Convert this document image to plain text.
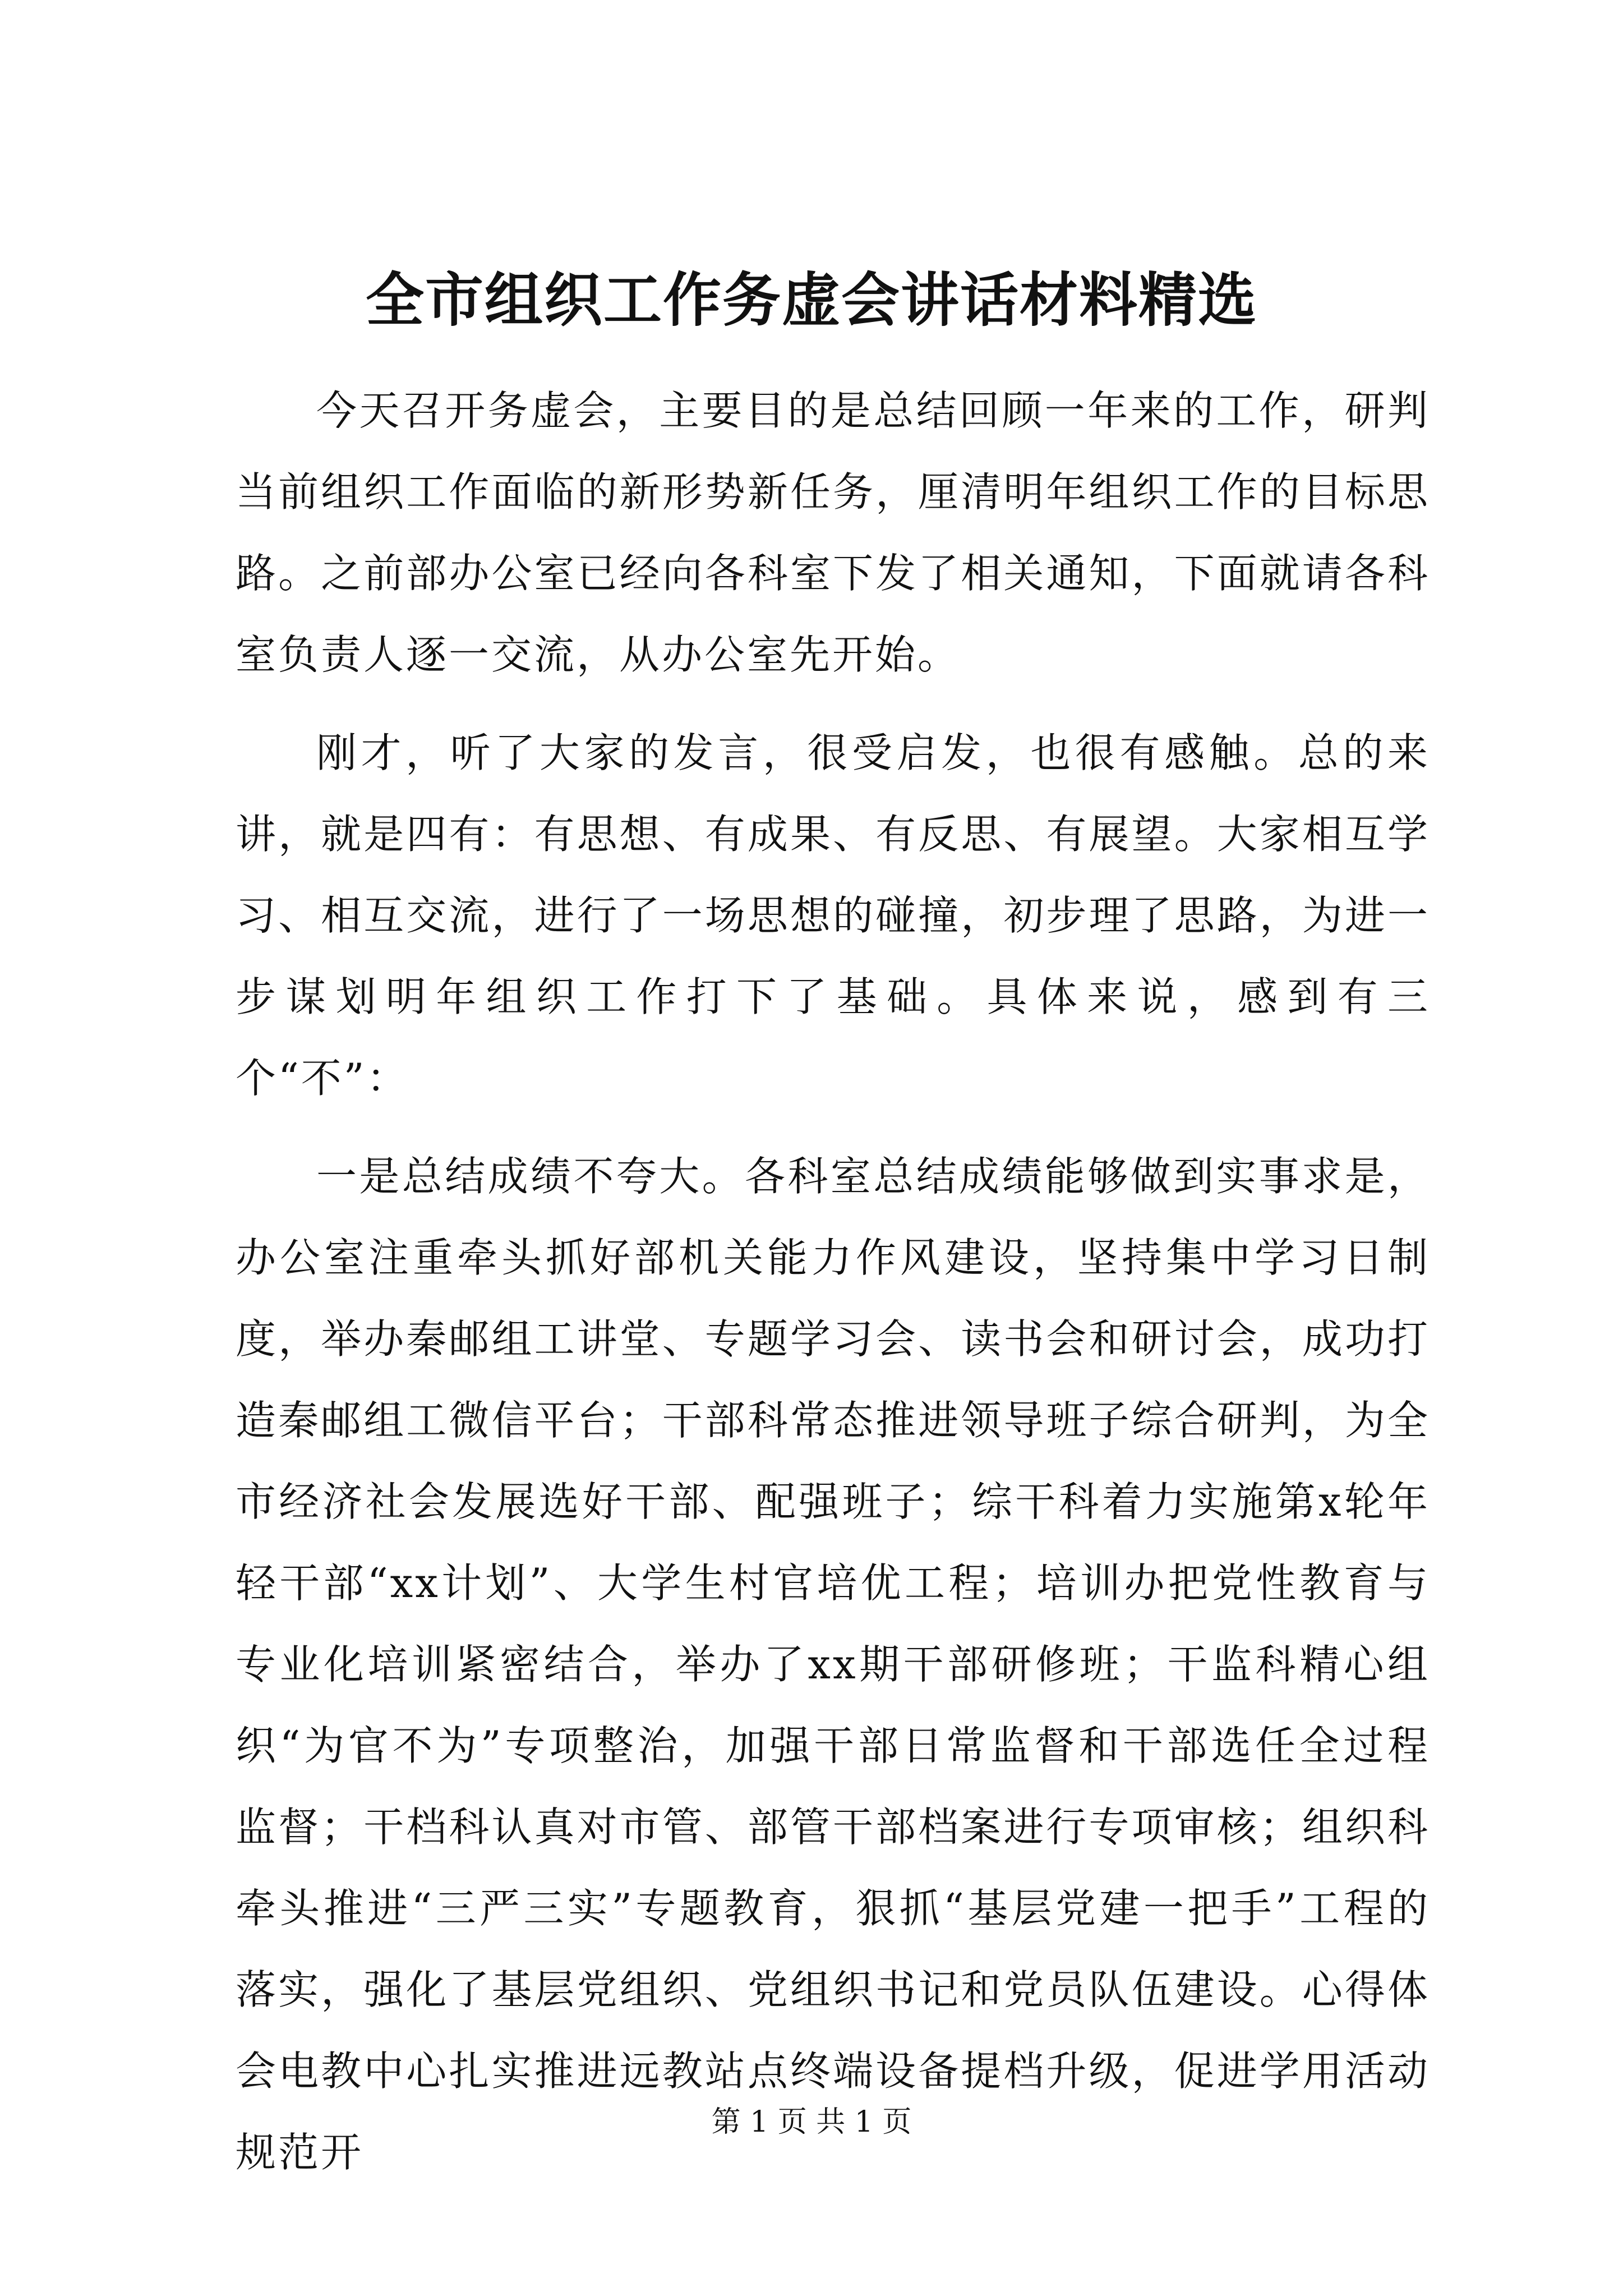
全市组织工作务虚会讲话材料精选

今天召开务虚会，主要目的是总结回顾一年来的工作，研判当前组织工作面临的新形势新任务，厘清明年组织工作的目标思路。之前部办公室已经向各科室下发了相关通知，下面就请各科室负责人逐一交流，从办公室先开始。

刚才，听了大家的发言，很受启发，也很有感触。总的来讲，就是四有：有思想、有成果、有反思、有展望。大家相互学习、相互交流，进行了一场思想的碰撞，初步理了思路，为进一步谋划明年组织工作打下了基础。具体来说，感到有三个“不”：

一是总结成绩不夸大。各科室总结成绩能够做到实事求是，办公室注重牵头抓好部机关能力作风建设，坚持集中学习日制度，举办秦邮组工讲堂、专题学习会、读书会和研讨会，成功打造秦邮组工微信平台；干部科常态推进领导班子综合研判，为全市经济社会发展选好干部、配强班子；综干科着力实施第x轮年轻干部“xx计划”、大学生村官培优工程；培训办把党性教育与专业化培训紧密结合，举办了xx期干部研修班；干监科精心组织“为官不为”专项整治，加强干部日常监督和干部选任全过程监督；干档科认真对市管、部管干部档案进行专项审核；组织科牵头推进“三严三实”专题教育，狠抓“基层党建一把手”工程的落实，强化了基层党组织、党组织书记和党员队伍建设。心得体会电教中心扎实推进远教站点终端设备提档升级，促进学用活动规范开

第 1 页 共 1 页
